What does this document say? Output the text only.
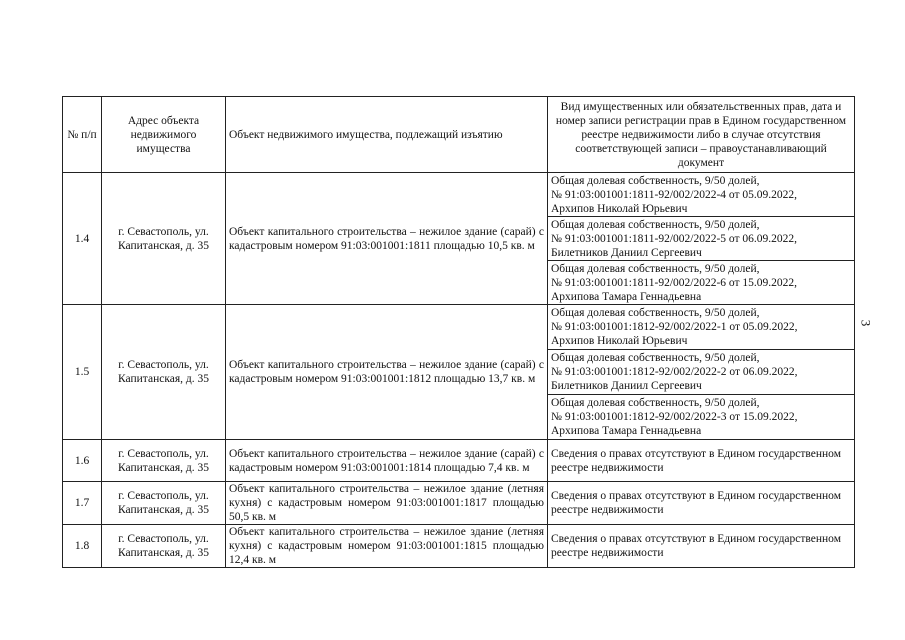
3
№ п/п	Адрес объекта недвижимого имущества	Объект недвижимого имущества, подлежащий изъятию	Вид имущественных или обязательственных прав, дата и номер записи регистрации прав в Едином государственном реестре недвижимости либо в случае отсутствия соответствующей записи – правоустанавливающий документ
1.4	г. Севастополь, ул. Капитанская, д. 35	Объект капитального строительства – нежилое здание (сарай) с кадастровым номером 91:03:001001:1811 площадью 10,5 кв. м	Общая долевая собственность, 9/50 долей,
№ 91:03:001001:1811-92/002/2022-4 от 05.09.2022,
Архипов Николай Юрьевич

			Общая долевая собственность, 9/50 долей,
№ 91:03:001001:1811-92/002/2022-5 от 06.09.2022,
Билетников Даниил Сергеевич

			Общая долевая собственность, 9/50 долей,
№ 91:03:001001:1811-92/002/2022-6 от 15.09.2022,
Архипова Тамара Геннадьевна

1.5	г. Севастополь, ул. Капитанская, д. 35	Объект капитального строительства – нежилое здание (сарай) с кадастровым номером 91:03:001001:1812 площадью 13,7 кв. м	Общая долевая собственность, 9/50 долей,
№ 91:03:001001:1812-92/002/2022-1 от 05.09.2022,
Архипов Николай Юрьевич

			Общая долевая собственность, 9/50 долей,
№ 91:03:001001:1812-92/002/2022-2 от 06.09.2022,
Билетников Даниил Сергеевич

			Общая долевая собственность, 9/50 долей,
№ 91:03:001001:1812-92/002/2022-3 от 15.09.2022,
Архипова Тамара Геннадьевна

1.6	г. Севастополь, ул. Капитанская, д. 35	Объект капитального строительства – нежилое здание (сарай) с кадастровым номером 91:03:001001:1814 площадью 7,4 кв. м	Сведения о правах отсутствуют в Едином государственном реестре недвижимости
1.7	г. Севастополь, ул. Капитанская, д. 35	Объект капитального строительства – нежилое здание (летняя кухня) с кадастровым номером 91:03:001001:1817 площадью 50,5 кв. м	Сведения о правах отсутствуют в Едином государственном реестре недвижимости
1.8	г. Севастополь, ул. Капитанская, д. 35	Объект капитального строительства – нежилое здание (летняя кухня) с кадастровым номером 91:03:001001:1815 площадью 12,4 кв. м	Сведения о правах отсутствуют в Едином государственном реестре недвижимости
